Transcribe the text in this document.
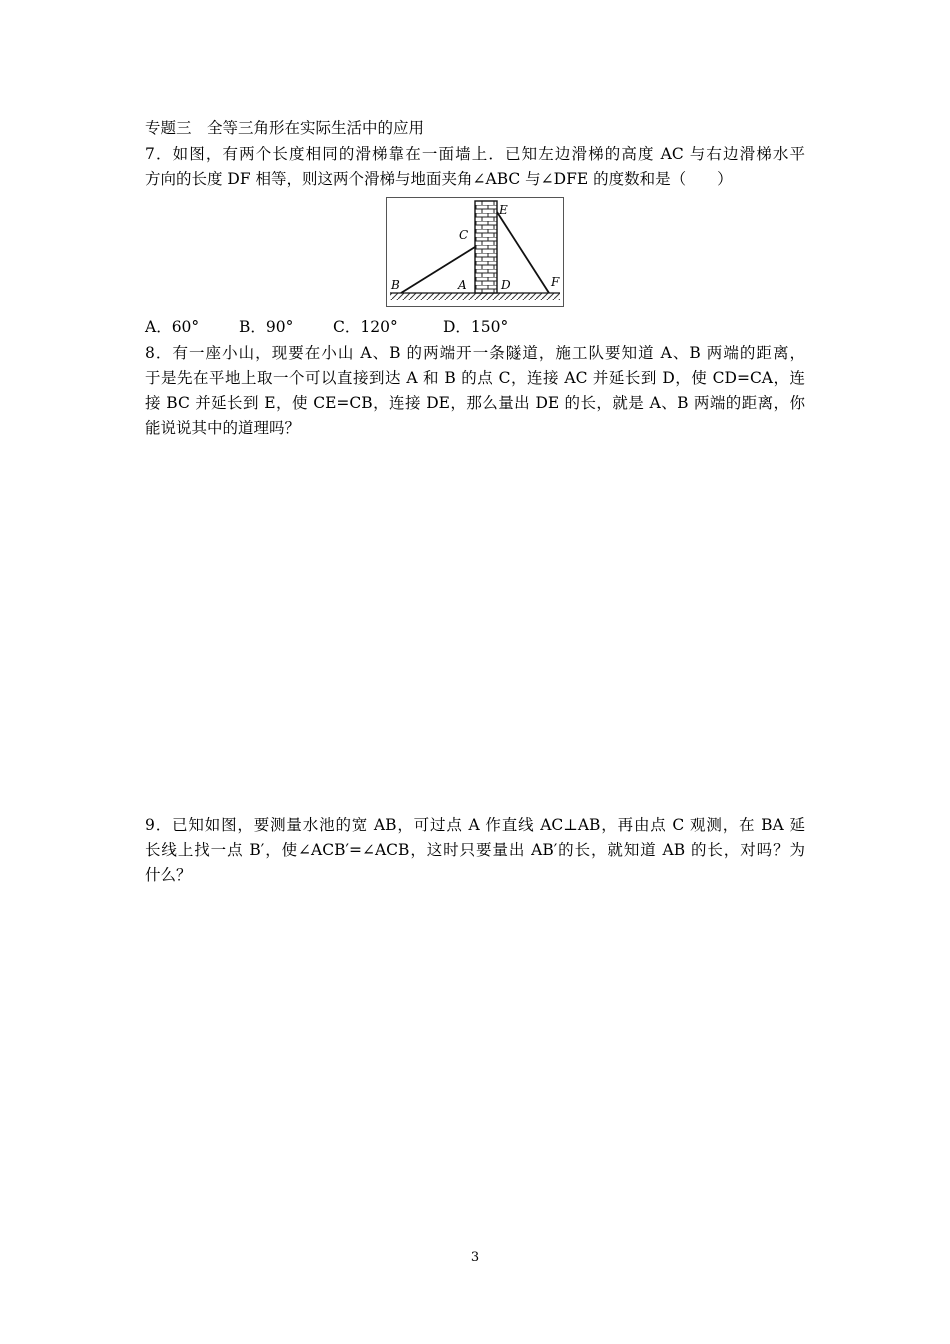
专题三　全等三角形在实际生活中的应用
7．如图，有两个长度相同的滑梯靠在一面墙上．已知左边滑梯的高度 AC 与右边滑梯水平
方向的长度 DF 相等，则这两个滑梯与地面夹角∠ABC 与∠DFE 的度数和是（　　）
B	A
C
D
E
F
A．60°	B．90°	C．120°	D．150°
8．有一座小山，现要在小山 A、B 的两端开一条隧道，施工队要知道 A、B 两端的距离，
于是先在平地上取一个可以直接到达 A 和 B 的点 C，连接 AC 并延长到 D，使 CD=CA，连
接 BC 并延长到 E，使 CE=CB，连接 DE，那么量出 DE 的长，就是 A、B 两端的距离，你
能说说其中的道理吗？
9．已知如图，要测量水池的宽 AB，可过点 A 作直线 AC⊥AB，再由点 C 观测，在 BA 延
长线上找一点 B′，使∠ACB′=∠ACB，这时只要量出 AB′的长，就知道 AB 的长，对吗？为
什么？
3
